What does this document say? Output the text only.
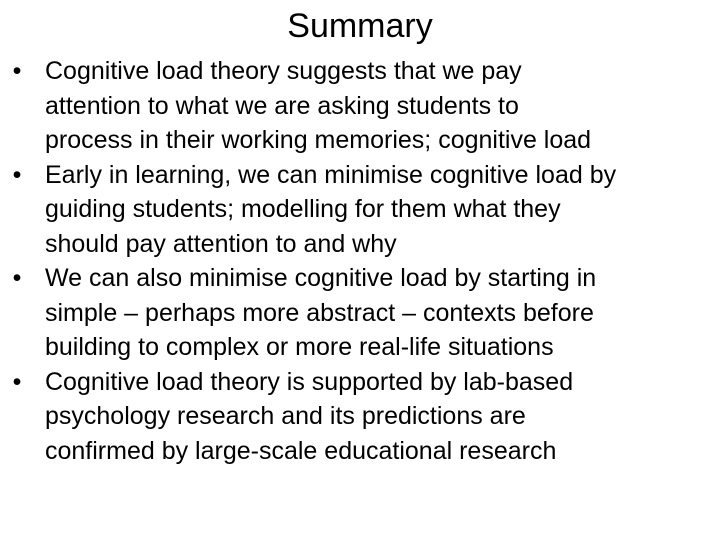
Summary
• Cognitive load theory suggests that we pay
attention to what we are asking students to
process in their working memories; cognitive load
• Early in learning, we can minimise cognitive load by
guiding students; modelling for them what they
should pay attention to and why
• We can also minimise cognitive load by starting in
simple – perhaps more abstract – contexts before
building to complex or more real-life situations
• Cognitive load theory is supported by lab-based
psychology research and its predictions are
confirmed by large-scale educational research
